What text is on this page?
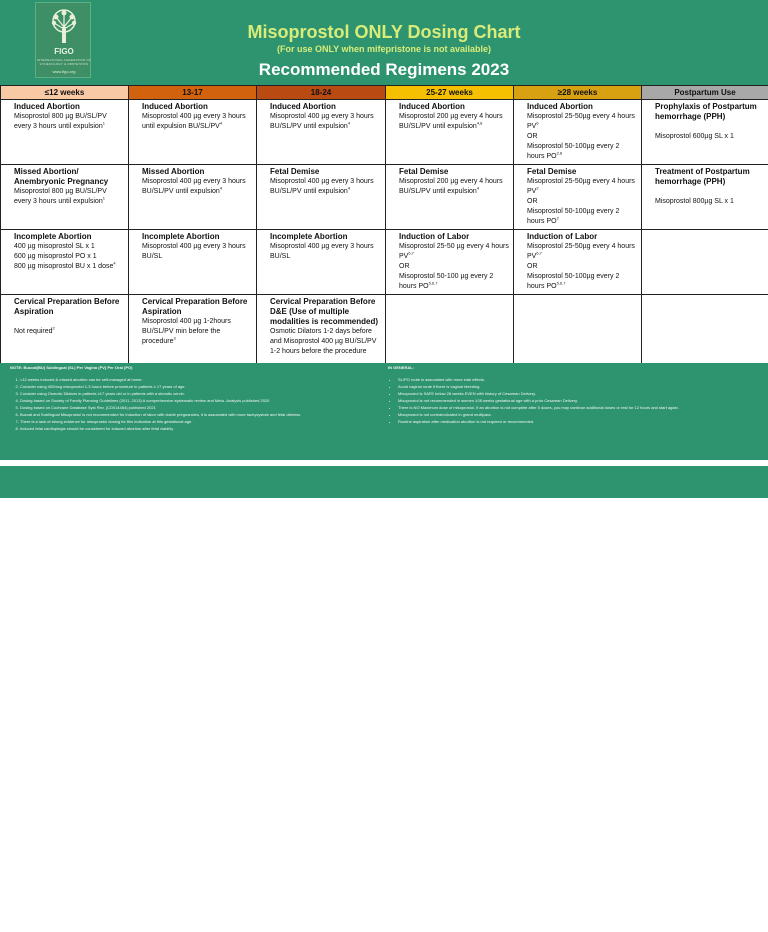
FIGO
INTERNATIONAL FEDERATION OF GYNECOLOGY & OBSTETRICS
www.figo.org
Misoprostol ONLY Dosing Chart
(For use ONLY when mifepristone is not available)
Recommended Regimens 2023
≤12 weeks	13-17	18-24	25-27 weeks	≥28 weeks	Postpartum Use

Induced Abortion
Misoprostol 800 µg BU/SL/PV every 3 hours until expulsion$^1$	Induced Abortion
Misoprostol 400 µg every 3 hours until expulsion $BU/SL/PV^4$	Induced Abortion
Misoprostol 400 µg every 3 hours BU/SL/PV until expulsion$^4$	Induced Abortion
Misoprostol 200 µg every 4 hours BU/SL/PV until expulsion$^{4,8}$	Induced Abortion
Misoprostol 25-50µg every 4 hours $PV^6$
OR
Misoprostol 50-100µg every 2 hours PO$^{2,8}$	Prophylaxis of Postpartum hemorrhage (PPH)
Misoprostol 600µg SL x 1

Missed Abortion/ Anembryonic Pregnancy
Misoprostol 800 µg BU/SL/PV every 3 hours until expulsion$^1$	Missed Abortion
Misoprostol 400 µg every 3 hours BU/SL/PV until expulsion$^4$	Fetal Demise
Misoprostol 400 µg every 3 hours BU/SL/PV until expulsion$^4$	Fetal Demise
Misoprostol 200 µg every 4 hours BU/SL/PV until expulsion$^4$	Fetal Demise
Misoprostol 25-50µg every 4 hours $PV^2$
OR
Misoprostol 50-100µg every 2 hours $PO^2$	Treatment of Postpartum hemorrhage (PPH)
Misoprostol 800µg SL x 1

Incomplete Abortion
400 µg misoprostol SL x 1
600 µg misoprostol PO x 1
800 µg misoprostol BU x 1 dose$^4$	Incomplete Abortion
Misoprostol 400 µg every 3 hours BU/SL	Incomplete Abortion
Misoprostol 400 µg every 3 hours BU/SL	Induction of Labor
Misoprostol 25-50 µg every 4 hours PV$^{6,7}$
OR
Misoprostol 50-100 µg every 2 hours PO$^{5,6,7}$	Induction of Labor
Misoprostol 25-50µg every 4 hours PV$^{6,7}$
OR
Misoprostol 50-100µg every 2 hours PO$^{5,6,7}$

Cervical Preparation Before Aspiration
Not required$^2$	Cervical Preparation Before Aspiration
Misoprostol 400 µg 1-2hours BU/SL/PV min before the procedure$^3$	Cervical Preparation Before D&E (Use of multiple modalities is recommended)
Osmotic Dilators 1-2 days before and Misoprostol 400 µg BU/SL/PV 1-2 hours before the procedure			

NOTE: Buccal(BU) Sublingual (SL) Per Vagina (PV) Per Oral (PO)
1. <12 weeks induced & missed abortion can be self-managed at home.
2. Consider using 400mcg misoprostol 1-3 hours before procedure in patients ≥ 17 years of age.
3. Consider using Osmotic Dilators in patients ≥17 years old or in patients with a stenotic cervix.
4. Dosing based on Society of Family Planning Guidelines (2011, 2013) A comprehensive systematic review and Meta -Analysis published 2020
5. Dosing based on Cochrane Database Syst Rev. (CD014484) published 2021
6. Buccal and Sublingual Misoprostol is not recommended for Induction of labor with viable pregnancies, it is associated with more tachysystole and fetal distress.
7. There is a lack of strong evidence for misoprostol dosing for this indication at this gestational age.
8. Induced fetal cardioplegia should be considered for induced abortion after fetal viability
IN GENERAL:
• SL/PO route is associated with more side effects.
• Avoid vaginal route if there is vaginal bleeding.
• Misoprostol is SAFE below 28 weeks EVEN with history of Cesarean Delivery.
• Misoprostol is not recommended in women ≥28 weeks gestational age with a prior Cesarean Delivery.
• There is NO Maximum dose of misoprostol. If an abortion is not complete after 5 doses, you may continue additional doses or rest for 12 hours and start again.
• Misoprostol is not contraindicated in grand multipara.
• Routine aspiration after medication abortion is not required or recommended.
